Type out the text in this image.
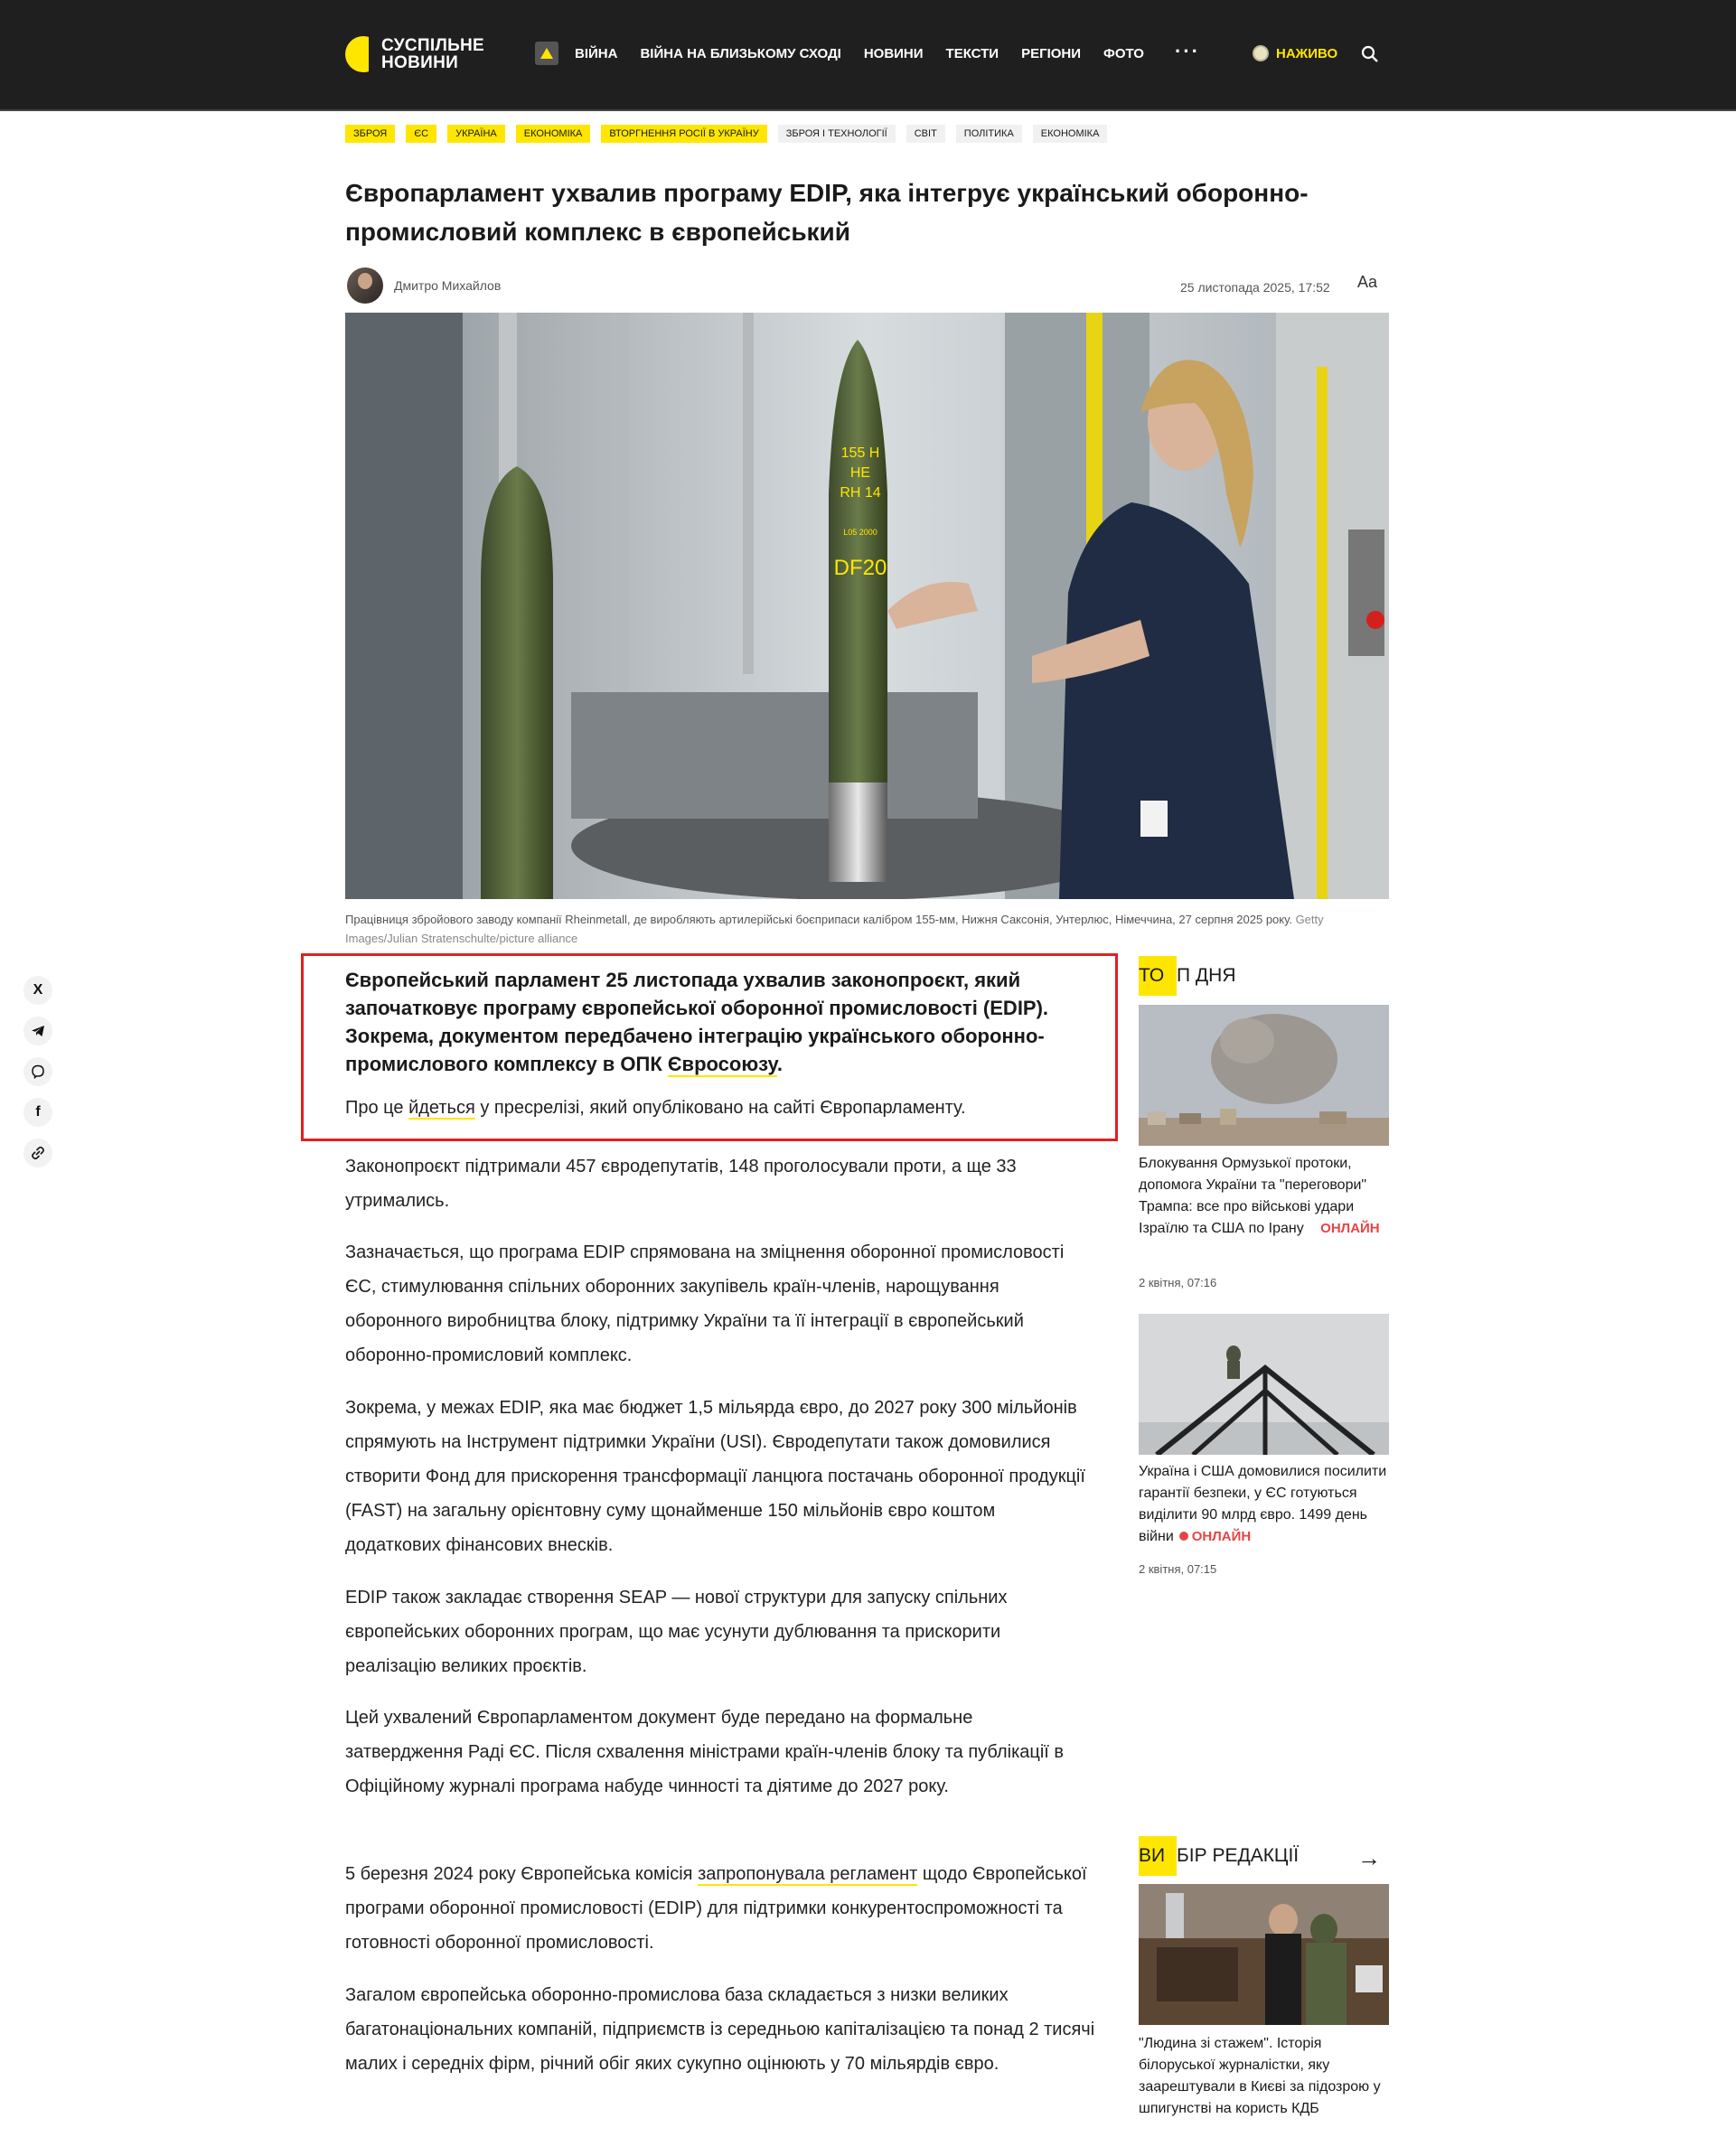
СУСПІЛЬНЕ
НОВИНИ	ВІЙНА ВІЙНА НА БЛИЗЬКОМУ СХОДІ НОВИНИ ТЕКСТИ РЕГІОНИ ФОТО ···	НАЖИВО
ЗБРОЯ	ЄС	УКРАЇНА	ЕКОНОМІКА	ВТОРГНЕННЯ РОСІЇ В УКРАЇНУ	ЗБРОЯ І ТЕХНОЛОГІЇ	СВІТ	ПОЛІТИКА	ЕКОНОМІКА
Європарламент ухвалив програму EDIP, яка інтегрує український оборонно-промисловий комплекс в європейський
Дмитро Михайлов	25 листопада 2025, 17:52 Aa
155 H
HE
RH 14
L05 2000
DF20
Працівниця збройового заводу компанії Rheinmetall, де виробляють артилерійські боєприпаси калібром 155-мм, Нижня Саксонія, Унтерлюс, Німеччина, 27 серпня 2025 року. Getty Images/Julian Stratenschulte/picture alliance
X
f

Європейський парламент 25 листопада ухвалив законопроєкт, який започатковує програму європейської оборонної промисловості (EDIP). Зокрема, документом передбачено інтеграцію українського оборонно-промислового комплексу в ОПК Євросоюзу.

Про це йдеться у пресрелізі, який опубліковано на сайті Європарламенту.

Законопроєкт підтримали 457 євродепутатів, 148 проголосували проти, а ще 33 утримались.

Зазначається, що програма EDIP спрямована на зміцнення оборонної промисловості ЄС, стимулювання спільних оборонних закупівель країн-членів, нарощування оборонного виробництва блоку, підтримку України та її інтеграції в європейський оборонно-промисловий комплекс.

Зокрема, у межах EDIP, яка має бюджет 1,5 мільярда євро, до 2027 року 300 мільйонів спрямують на Інструмент підтримки України (USI). Євродепутати також домовилися створити Фонд для прискорення трансформації ланцюга постачань оборонної продукції (FAST) на загальну орієнтовну суму щонайменше 150 мільйонів євро коштом додаткових фінансових внесків.

EDIP також закладає створення SEAP — нової структури для запуску спільних європейських оборонних програм, що має усунути дублювання та прискорити реалізацію великих проєктів.

Цей ухвалений Європарламентом документ буде передано на формальне затвердження Раді ЄС. Після схвалення міністрами країн-членів блоку та публікації в Офіційному журналі програма набуде чинності та діятиме до 2027 року.

5 березня 2024 року Європейська комісія запропонувала регламент щодо Європейської програми оборонної промисловості (EDIP) для підтримки конкурентоспроможності та готовності оборонної промисловості.

Загалом європейська оборонно-промислова база складається з низки великих багатонаціональних компаній, підприємств із середньою капіталізацією та понад 2 тисячі малих і середніх фірм, річний обіг яких сукупно оцінюють у 70 мільярдів євро.

ТО П ДНЯ

Блокування Ормузької протоки, допомога України та "переговори" Трампа: все про військові удари Ізраїлю та США по Ірану ОНЛАЙН

2 квітня, 07:16

Україна і США домовилися посилити гарантії безпеки, у ЄС готуються виділити 90 млрд євро. 1499 день війни ОНЛАЙН

2 квітня, 07:15
ВИ БІР РЕДАКЦІЇ →

"Людина зі стажем". Історія білоруської журналістки, яку заарештували в Києві за підозрою у шпигунстві на користь КДБ
